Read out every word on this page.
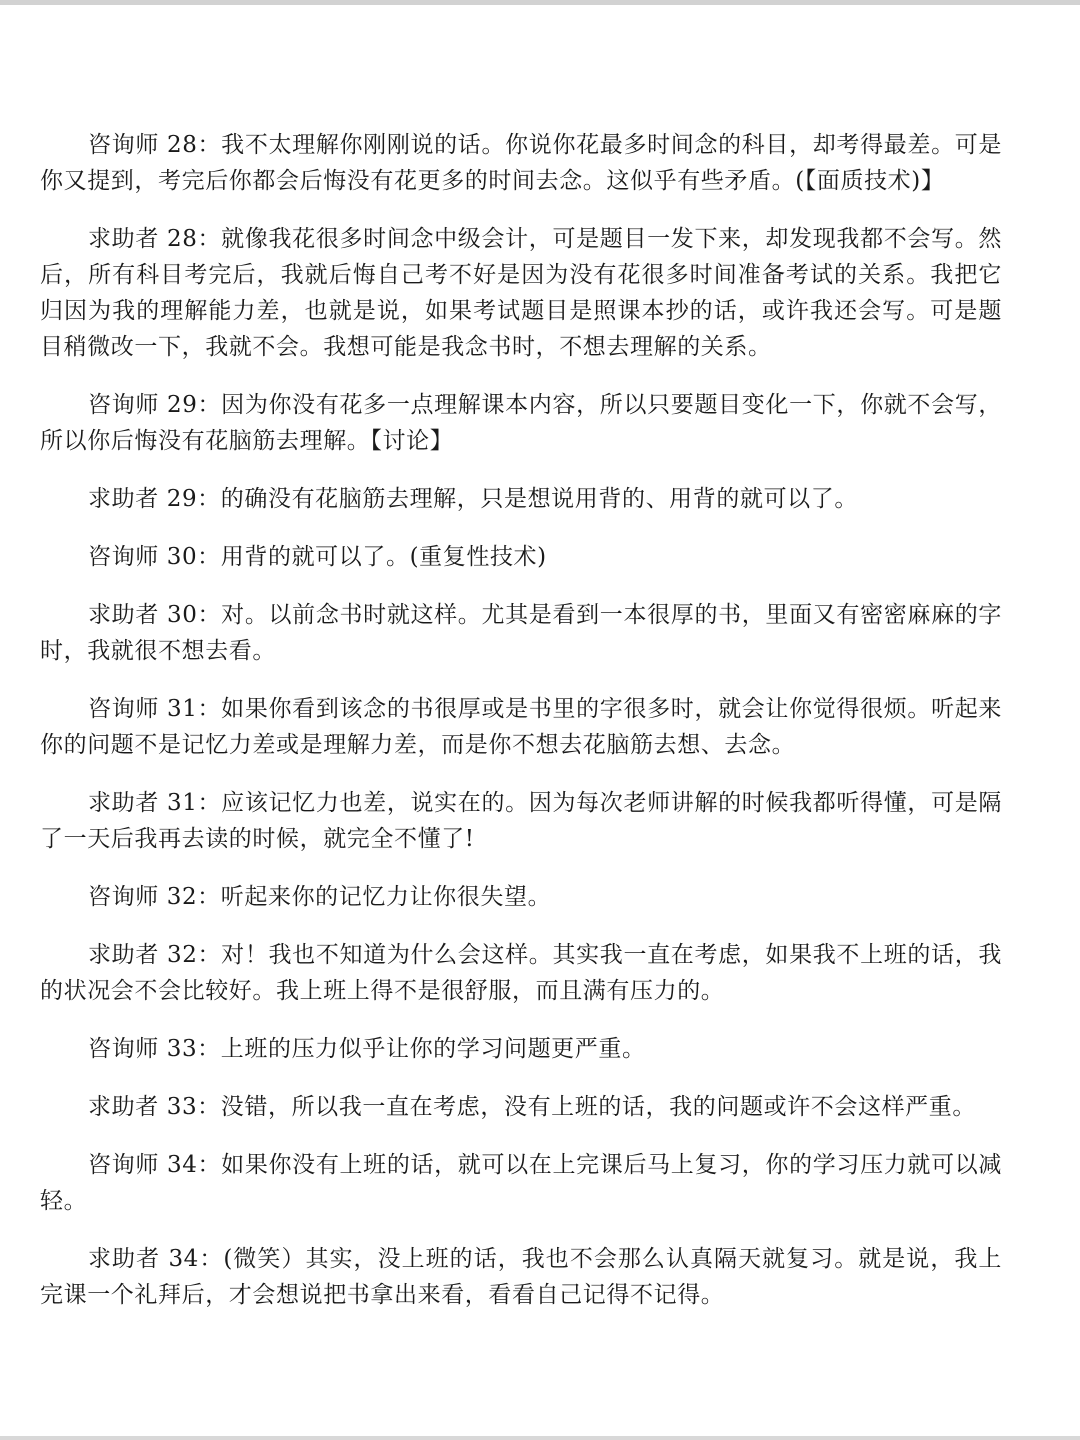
咨询师 28：我不太理解你刚刚说的话。你说你花最多时间念的科目，却考得最差。可是你又提到，考完后你都会后悔没有花更多的时间去念。这似乎有些矛盾。(【面质技术)】

求助者 28：就像我花很多时间念中级会计，可是题目一发下来，却发现我都不会写。然后，所有科目考完后，我就后悔自己考不好是因为没有花很多时间准备考试的关系。我把它归因为我的理解能力差，也就是说，如果考试题目是照课本抄的话，或许我还会写。可是题目稍微改一下，我就不会。我想可能是我念书时，不想去理解的关系。

咨询师 29：因为你没有花多一点理解课本内容，所以只要题目变化一下，你就不会写，所以你后悔没有花脑筋去理解。【讨论】

求助者 29：的确没有花脑筋去理解，只是想说用背的、用背的就可以了。

咨询师 30：用背的就可以了。(重复性技术)

求助者 30：对。以前念书时就这样。尤其是看到一本很厚的书，里面又有密密麻麻的字时，我就很不想去看。

咨询师 31：如果你看到该念的书很厚或是书里的字很多时，就会让你觉得很烦。听起来你的问题不是记忆力差或是理解力差，而是你不想去花脑筋去想、去念。

求助者 31：应该记忆力也差，说实在的。因为每次老师讲解的时候我都听得懂，可是隔了一天后我再去读的时候，就完全不懂了!

咨询师 32：听起来你的记忆力让你很失望。

求助者 32：对！我也不知道为什么会这样。其实我一直在考虑，如果我不上班的话，我的状况会不会比较好。我上班上得不是很舒服，而且满有压力的。

咨询师 33：上班的压力似乎让你的学习问题更严重。

求助者 33：没错，所以我一直在考虑，没有上班的话，我的问题或许不会这样严重。

咨询师 34：如果你没有上班的话，就可以在上完课后马上复习，你的学习压力就可以减轻。

求助者 34：(微笑）其实，没上班的话，我也不会那么认真隔天就复习。就是说，我上完课一个礼拜后，才会想说把书拿出来看，看看自己记得不记得。
